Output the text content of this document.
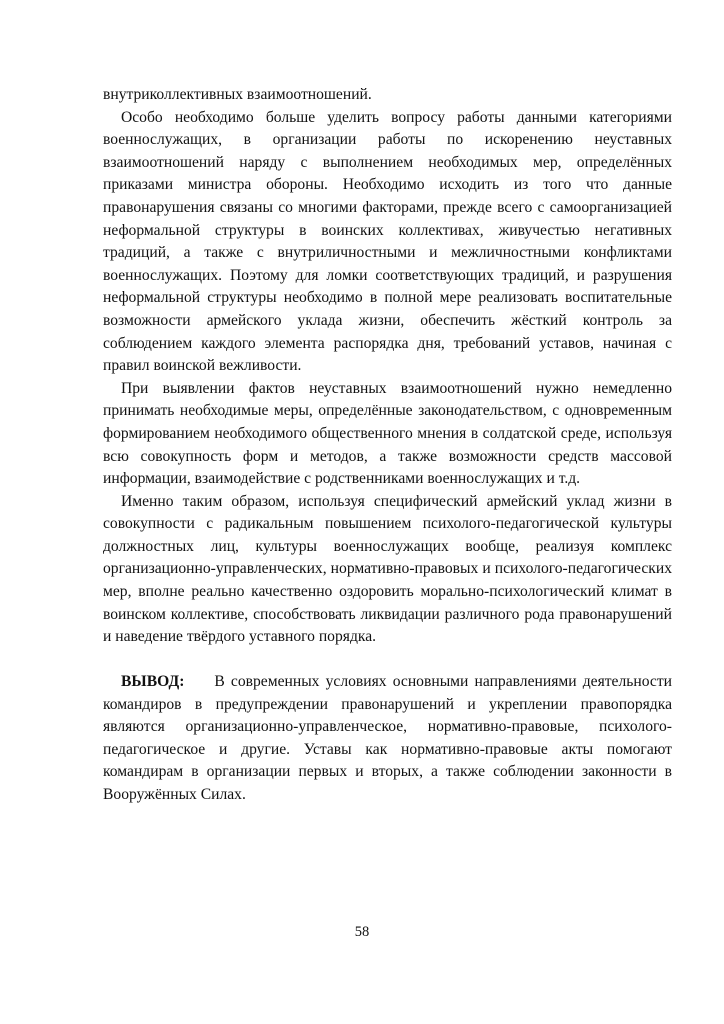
внутриколлективных взаимоотношений.

Особо необходимо больше уделить вопросу работы данными категориями военнослужащих, в организации работы по искоренению неуставных взаимоотношений наряду с выполнением необходимых мер, определённых приказами министра обороны. Необходимо исходить из того что данные правонарушения связаны со многими факторами, прежде всего с самоорганизацией неформальной структуры в воинских коллективах, живучестью негативных традиций, а также с внутриличностными и межличностными конфликтами военнослужащих. Поэтому для ломки соответствующих традиций, и разрушения неформальной структуры необходимо в полной мере реализовать воспитательные возможности армейского уклада жизни, обеспечить жёсткий контроль за соблюдением каждого элемента распорядка дня, требований уставов, начиная с правил воинской вежливости.

При выявлении фактов неуставных взаимоотношений нужно немедленно принимать необходимые меры, определённые законодательством, с одновременным формированием необходимого общественного мнения в солдатской среде, используя всю совокупность форм и методов, а также возможности средств массовой информации, взаимодействие с родственниками военнослужащих и т.д.

Именно таким образом, используя специфический армейский уклад жизни в совокупности с радикальным повышением психолого-педагогической культуры должностных лиц, культуры военнослужащих вообще, реализуя комплекс организационно-управленческих, нормативно-правовых и психолого-педагогических мер, вполне реально качественно оздоровить морально-психологический климат в воинском коллективе, способствовать ликвидации различного рода правонарушений и наведение твёрдого уставного порядка.

ВЫВОД: В современных условиях основными направлениями деятельности командиров в предупреждении правонарушений и укреплении правопорядка являются организационно-управленческое, нормативно-правовые, психолого-педагогическое и другие. Уставы как нормативно-правовые акты помогают командирам в организации первых и вторых, а также соблюдении законности в Вооружённых Силах.

58
